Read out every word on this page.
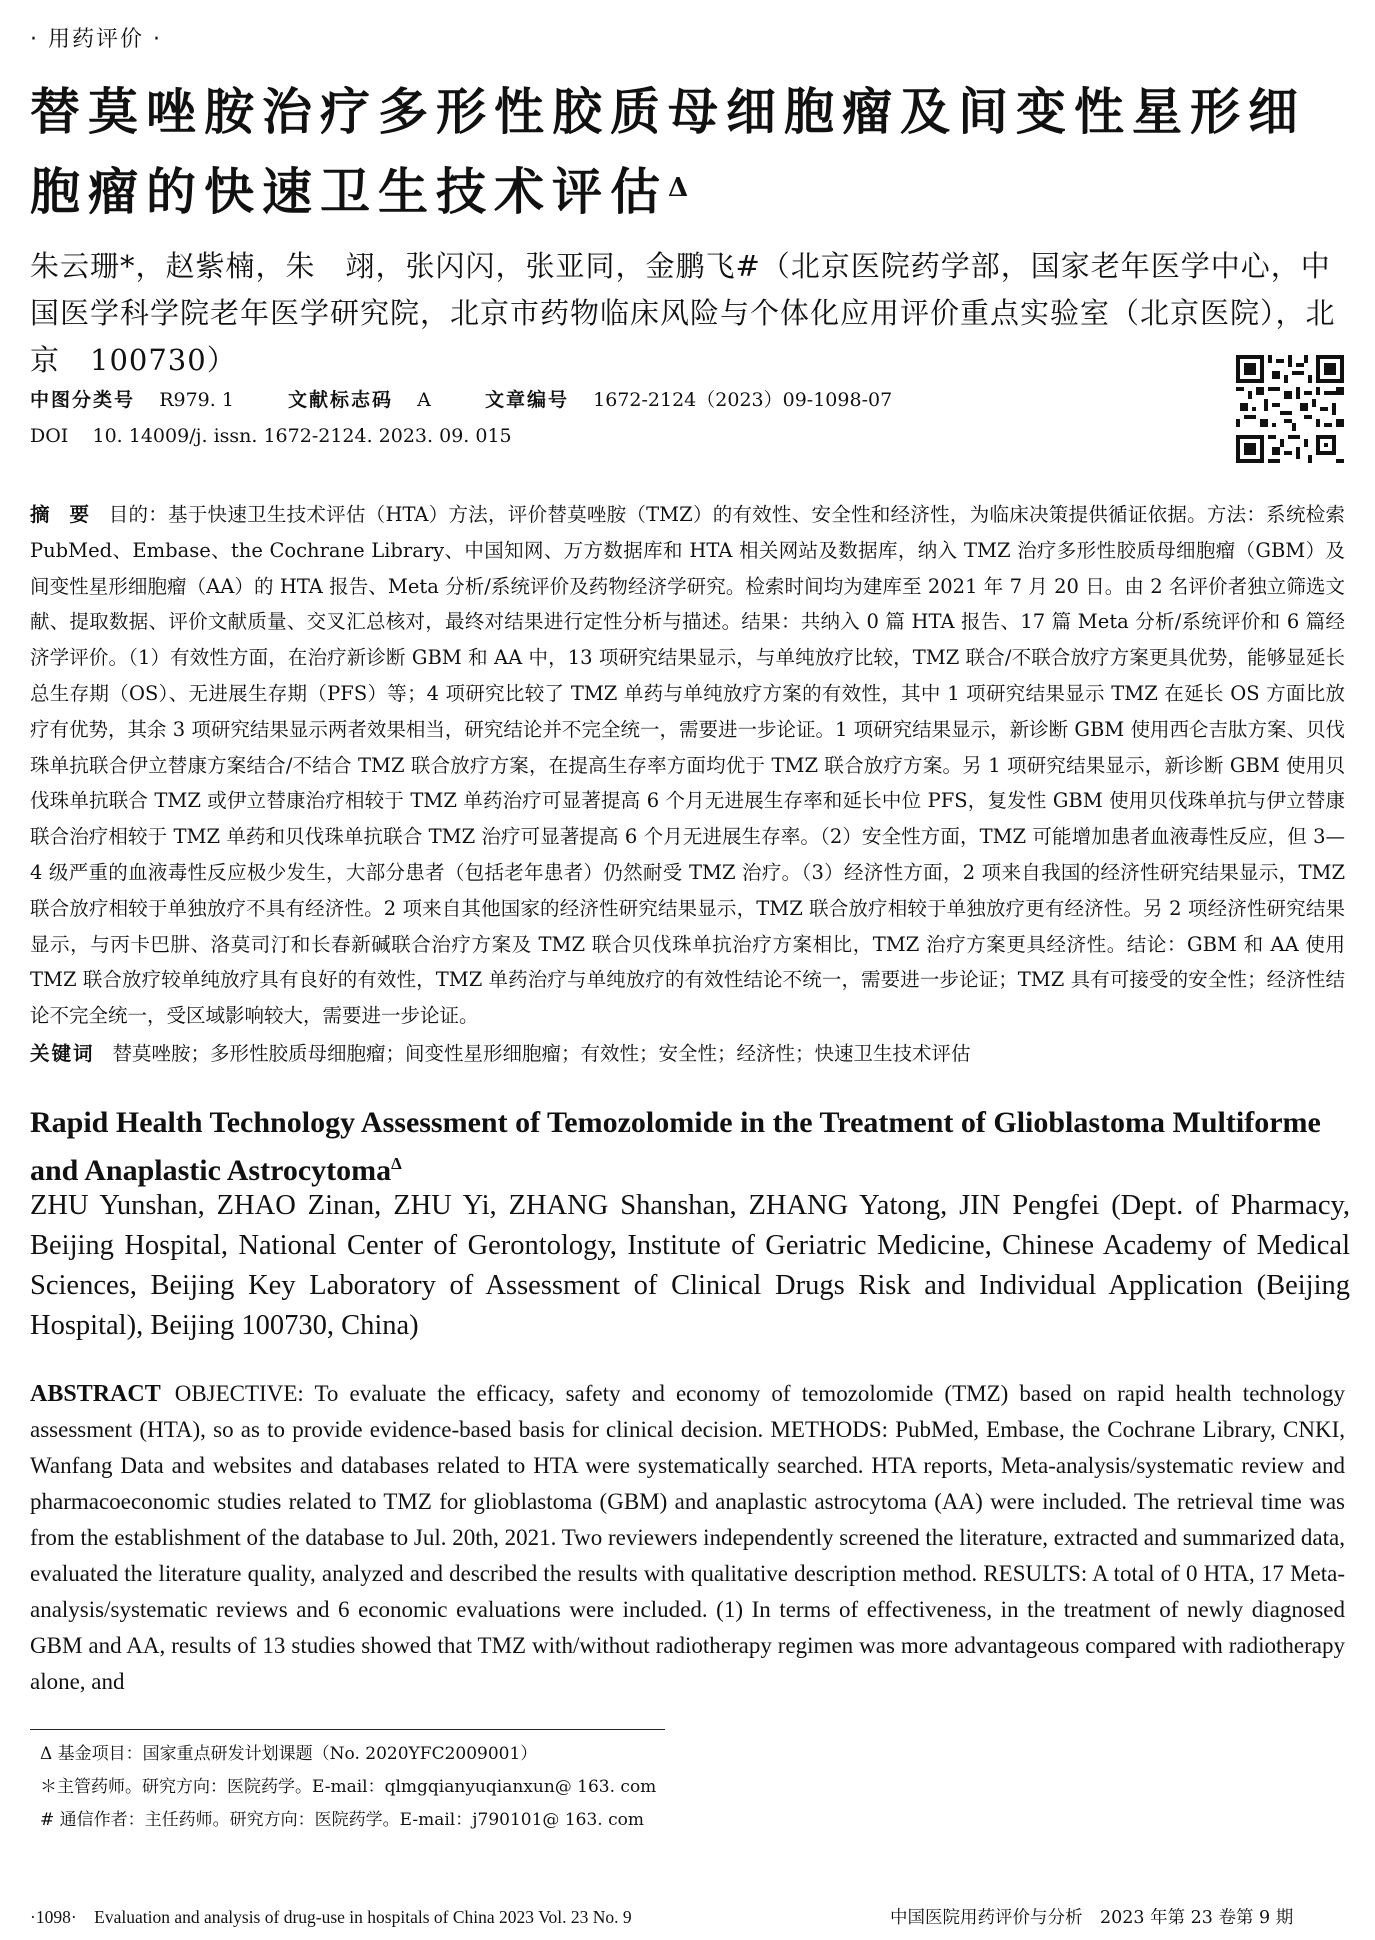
· 用药评价 ·
替莫唑胺治疗多形性胶质母细胞瘤及间变性星形细胞瘤的快速卫生技术评估$^\Delta$
朱云珊*，赵紫楠，朱　翊，张闪闪，张亚同，金鹏飞#（北京医院药学部，国家老年医学中心，中国医学科学院老年医学研究院，北京市药物临床风险与个体化应用评价重点实验室（北京医院），北京　100730）
中图分类号 R979. 1	文献标志码 A	文章编号 1672-2124（2023）09-1098-07
DOI 10. 14009/j. issn. 1672-2124. 2023. 09. 015
摘　要 目的：基于快速卫生技术评估（HTA）方法，评价替莫唑胺（TMZ）的有效性、安全性和经济性，为临床决策提供循证依据。方法：系统检索 PubMed、Embase、the Cochrane Library、中国知网、万方数据库和 HTA 相关网站及数据库，纳入 TMZ 治疗多形性胶质母细胞瘤（GBM）及间变性星形细胞瘤（AA）的 HTA 报告、Meta 分析/系统评价及药物经济学研究。检索时间均为建库至 2021 年 7 月 20 日。由 2 名评价者独立筛选文献、提取数据、评价文献质量、交叉汇总核对，最终对结果进行定性分析与描述。结果：共纳入 0 篇 HTA 报告、17 篇 Meta 分析/系统评价和 6 篇经济学评价。（1）有效性方面，在治疗新诊断 GBM 和 AA 中，13 项研究结果显示，与单纯放疗比较，TMZ 联合/不联合放疗方案更具优势，能够显延长总生存期（OS）、无进展生存期（PFS）等；4 项研究比较了 TMZ 单药与单纯放疗方案的有效性，其中 1 项研究结果显示 TMZ 在延长 OS 方面比放疗有优势，其余 3 项研究结果显示两者效果相当，研究结论并不完全统一，需要进一步论证。1 项研究结果显示，新诊断 GBM 使用西仑吉肽方案、贝伐珠单抗联合伊立替康方案结合/不结合 TMZ 联合放疗方案，在提高生存率方面均优于 TMZ 联合放疗方案。另 1 项研究结果显示，新诊断 GBM 使用贝伐珠单抗联合 TMZ 或伊立替康治疗相较于 TMZ 单药治疗可显著提高 6 个月无进展生存率和延长中位 PFS，复发性 GBM 使用贝伐珠单抗与伊立替康联合治疗相较于 TMZ 单药和贝伐珠单抗联合 TMZ 治疗可显著提高 6 个月无进展生存率。（2）安全性方面，TMZ 可能增加患者血液毒性反应，但 3—4 级严重的血液毒性反应极少发生，大部分患者（包括老年患者）仍然耐受 TMZ 治疗。（3）经济性方面，2 项来自我国的经济性研究结果显示，TMZ 联合放疗相较于单独放疗不具有经济性。2 项来自其他国家的经济性研究结果显示，TMZ 联合放疗相较于单独放疗更有经济性。另 2 项经济性研究结果显示，与丙卡巴肼、洛莫司汀和长春新碱联合治疗方案及 TMZ 联合贝伐珠单抗治疗方案相比，TMZ 治疗方案更具经济性。结论：GBM 和 AA 使用 TMZ 联合放疗较单纯放疗具有良好的有效性，TMZ 单药治疗与单纯放疗的有效性结论不统一，需要进一步论证；TMZ 具有可接受的安全性；经济性结论不完全统一，受区域影响较大，需要进一步论证。
关键词 替莫唑胺；多形性胶质母细胞瘤；间变性星形细胞瘤；有效性；安全性；经济性；快速卫生技术评估
Rapid Health Technology Assessment of Temozolomide in the Treatment of Glioblastoma Multiforme and Anaplastic Astrocytoma$^\Delta$
ZHU Yunshan, ZHAO Zinan, ZHU Yi, ZHANG Shanshan, ZHANG Yatong, JIN Pengfei (Dept. of Pharmacy, Beijing Hospital, National Center of Gerontology, Institute of Geriatric Medicine, Chinese Academy of Medical Sciences, Beijing Key Laboratory of Assessment of Clinical Drugs Risk and Individual Application (Beijing Hospital), Beijing 100730, China)
ABSTRACT OBJECTIVE: To evaluate the efficacy, safety and economy of temozolomide (TMZ) based on rapid health technology assessment (HTA), so as to provide evidence-based basis for clinical decision. METHODS: PubMed, Embase, the Cochrane Library, CNKI, Wanfang Data and websites and databases related to HTA were systematically searched. HTA reports, Meta-analysis/systematic review and pharmacoeconomic studies related to TMZ for glioblastoma (GBM) and anaplastic astrocytoma (AA) were included. The retrieval time was from the establishment of the database to Jul. 20th, 2021. Two reviewers independently screened the literature, extracted and summarized data, evaluated the literature quality, analyzed and described the results with qualitative description method. RESULTS: A total of 0 HTA, 17 Meta-analysis/systematic reviews and 6 economic evaluations were included. (1) In terms of effectiveness, in the treatment of newly diagnosed GBM and AA, results of 13 studies showed that TMZ with/without radiotherapy regimen was more advantageous compared with radiotherapy alone, and
Δ 基金项目：国家重点研发计划课题（No. 2020YFC2009001）
＊主管药师。研究方向：医院药学。E-mail：qlmgqianyuqianxun@ 163. com
# 通信作者：主任药师。研究方向：医院药学。E-mail：j790101@ 163. com
·1098·　Evaluation and analysis of drug-use in hospitals of China 2023 Vol. 23 No. 9	中国医院用药评价与分析　2023 年第 23 卷第 9 期
